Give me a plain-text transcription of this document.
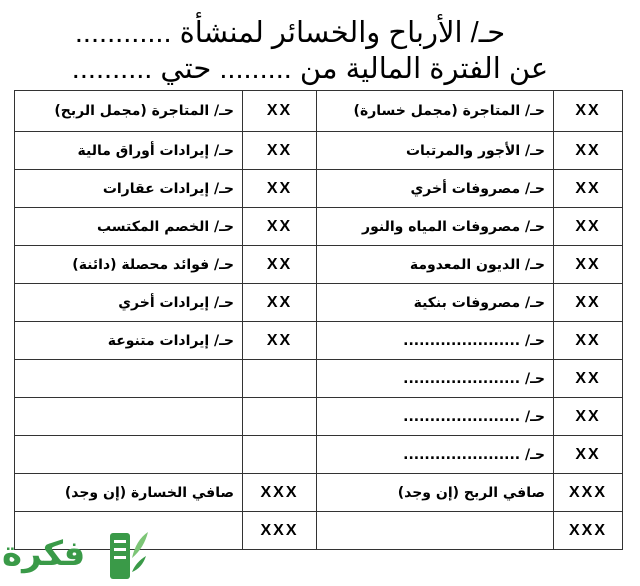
حـ/ الأرباح والخسائر لمنشأة ............
عن الفترة المالية من ......... حتي ..........
XX	حـ/ المتاجرة (مجمل خسارة)	XX	حـ/ المتاجرة (مجمل الربح)
XX	حـ/ الأجور والمرتبات	XX	حـ/ إيرادات أوراق مالية
XX	حـ/ مصروفات أخري	XX	حـ/ إيرادات عقارات
XX	حـ/ مصروفات المياه والنور	XX	حـ/ الخصم المكتسب
XX	حـ/ الديون المعدومة	XX	حـ/ فوائد محصلة (دائنة)
XX	حـ/ مصروفات بنكية	XX	حـ/ إيرادات أخري
XX	حـ/ ......................	XX	حـ/ إيرادات متنوعة
XX	حـ/ ......................		
XX	حـ/ ......................		
XX	حـ/ ......................		
XXX	صافي الربح (إن وجد)	XXX	صافي الخسارة (إن وجد)
XXX		XXX	
فكرة
